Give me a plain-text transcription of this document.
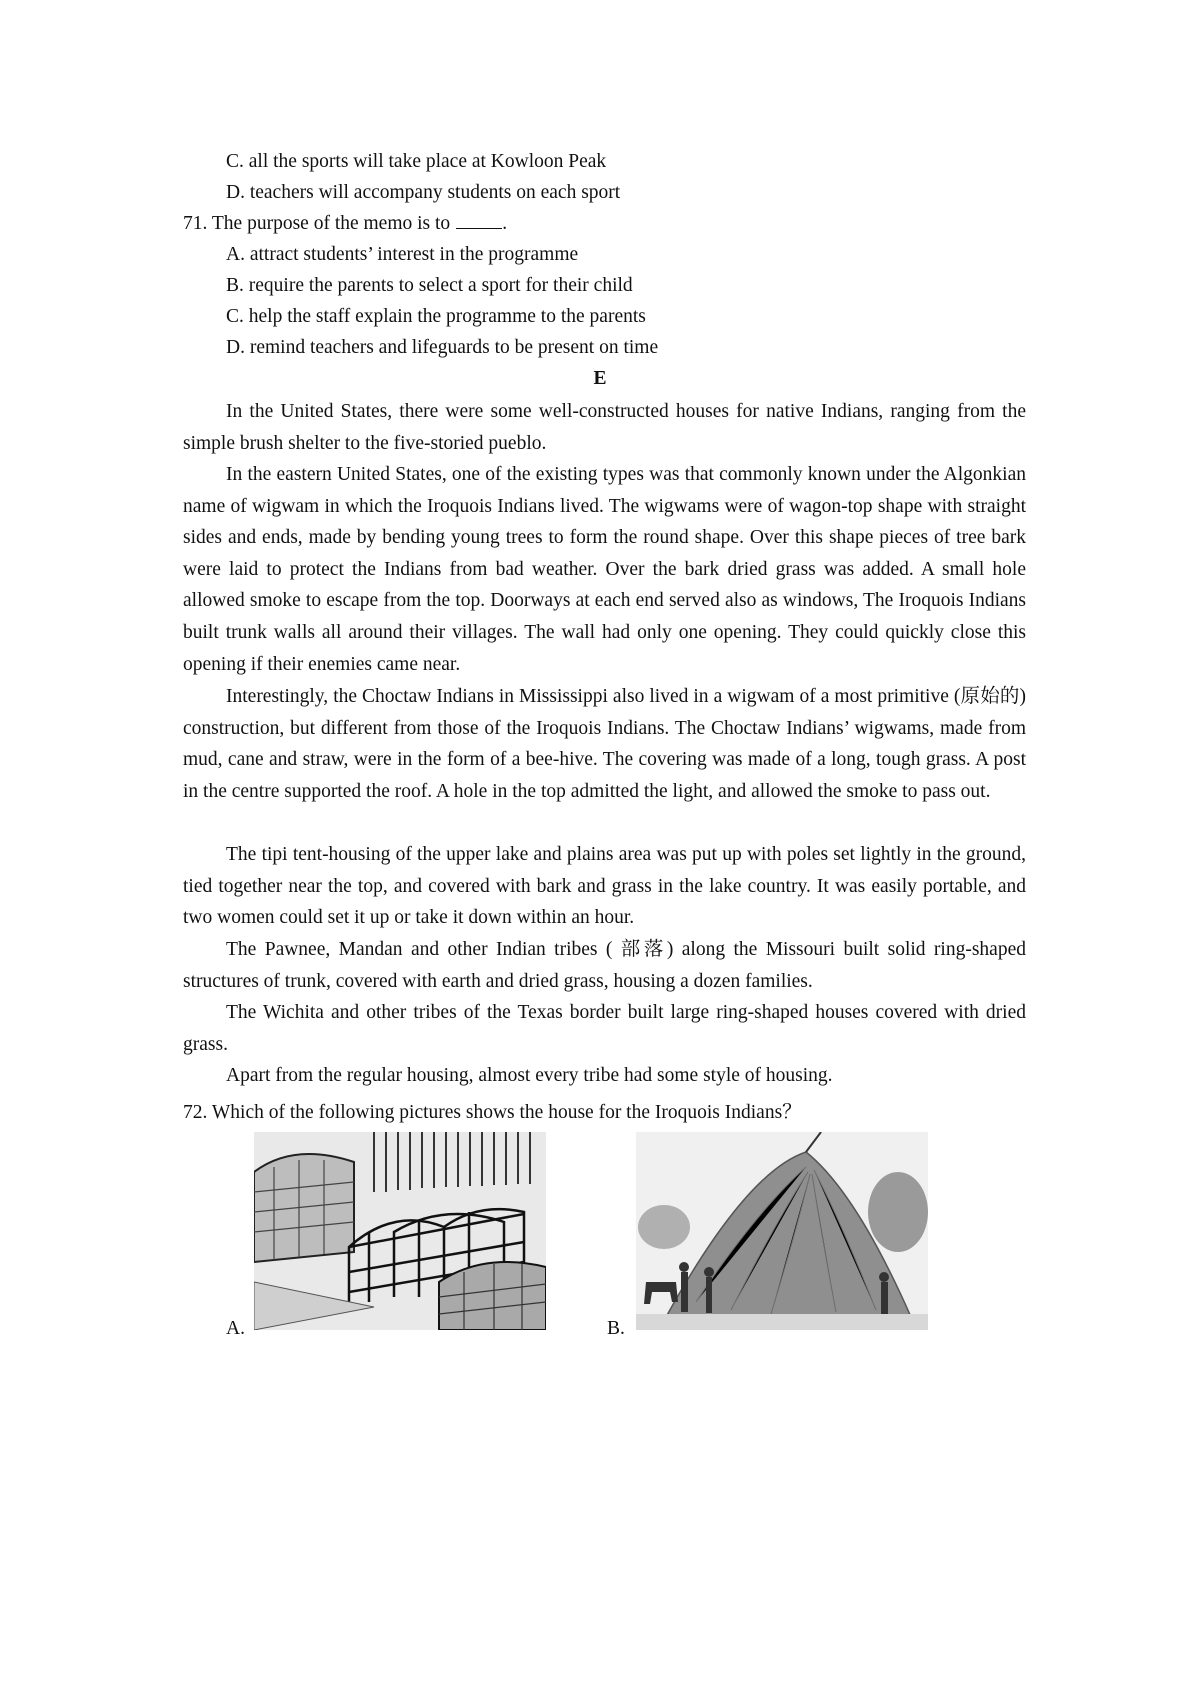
C. all the sports will take place at Kowloon Peak
D. teachers will accompany students on each sport
71. The purpose of the memo is to	.
A. attract students’ interest in the programme
B. require the parents to select a sport for their child
C. help the staff explain the programme to the parents
D. remind teachers and lifeguards to be present on time
E

In the United States, there were some well-constructed houses for native Indians, ranging from the simple brush shelter to the five-storied pueblo.

In the eastern United States, one of the existing types was that commonly known under the Algonkian name of wigwam in which the Iroquois Indians lived. The wigwams were of wagon-top shape with straight sides and ends, made by bending young trees to form the round shape. Over this shape pieces of tree bark were laid to protect the Indians from bad weather. Over the bark dried grass was added. A small hole allowed smoke to escape from the top. Doorways at each end served also as windows, The Iroquois Indians built trunk walls all around their villages. The wall had only one opening. They could quickly close this opening if their enemies came near.

Interestingly, the Choctaw Indians in Mississippi also lived in a wigwam of a most primitive (原始的) construction, but different from those of the Iroquois Indians. The Choctaw Indians’ wigwams, made from mud, cane and straw, were in the form of a bee-hive. The covering was made of a long, tough grass. A post in the centre supported the roof. A hole in the top admitted the light, and allowed the smoke to pass out.

The tipi tent-housing of the upper lake and plains area was put up with poles set lightly in the ground, tied together near the top, and covered with bark and grass in the lake country. It was easily portable, and two women could set it up or take it down within an hour.

The Pawnee, Mandan and other Indian tribes ( 部落) along the Missouri built solid ring-shaped structures of trunk, covered with earth and dried grass, housing a dozen families.

The Wichita and other tribes of the Texas border built large ring-shaped houses covered with dried grass.

Apart from the regular housing, almost every tribe had some style of housing.

72. Which of the following pictures shows the house for the Iroquois Indians？
A.	B.
